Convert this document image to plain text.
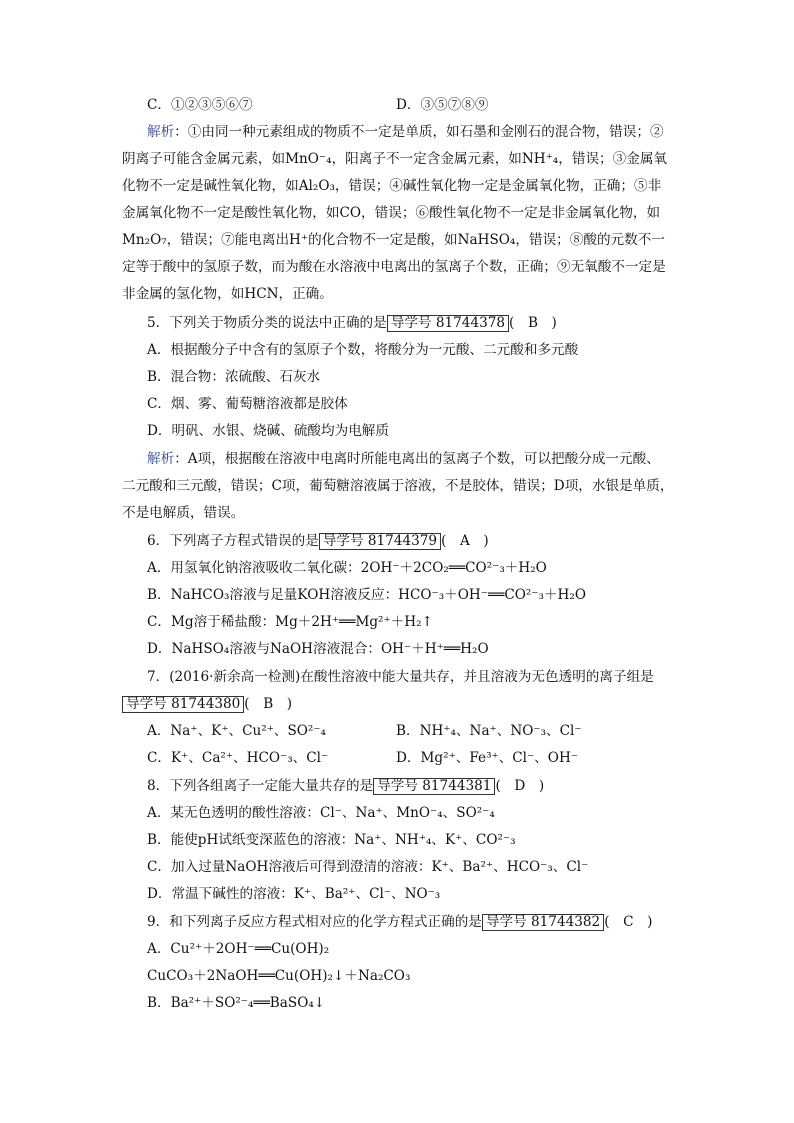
C．①②③⑤⑥⑦	D．③⑤⑦⑧⑨
解析：①由同一种元素组成的物质不一定是单质，如石墨和金刚石的混合物，错误；②
阴离子可能含金属元素，如MnO⁻₄，阳离子不一定含金属元素，如NH⁺₄，错误；③金属氧
化物不一定是碱性氧化物，如Al₂O₃，错误；④碱性氧化物一定是金属氧化物，正确；⑤非
金属氧化物不一定是酸性氧化物，如CO，错误；⑥酸性氧化物不一定是非金属氧化物，如
Mn₂O₇，错误；⑦能电离出H⁺的化合物不一定是酸，如NaHSO₄，错误；⑧酸的元数不一
定等于酸中的氢原子数，而为酸在水溶液中电离出的氢离子个数，正确；⑨无氧酸不一定是
非金属的氢化物，如HCN，正确。
5．下列关于物质分类的说法中正确的是 导学号 81744378 (　B　)
A．根据酸分子中含有的氢原子个数，将酸分为一元酸、二元酸和多元酸
B．混合物：浓硫酸、石灰水
C．烟、雾、葡萄糖溶液都是胶体
D．明矾、水银、烧碱、硫酸均为电解质
解析：A项，根据酸在溶液中电离时所能电离出的氢离子个数，可以把酸分成一元酸、
二元酸和三元酸，错误；C项，葡萄糖溶液属于溶液，不是胶体，错误；D项，水银是单质，
不是电解质，错误。
6．下列离子方程式错误的是 导学号 81744379 (　A　)
A．用氢氧化钠溶液吸收二氧化碳：2OH⁻＋2CO₂══CO²⁻₃＋H₂O
B．NaHCO₃溶液与足量KOH溶液反应：HCO⁻₃＋OH⁻══CO²⁻₃＋H₂O
C．Mg溶于稀盐酸：Mg＋2H⁺══Mg²⁺＋H₂↑
D．NaHSO₄溶液与NaOH溶液混合：OH⁻＋H⁺══H₂O
7．(2016·新余高一检测)在酸性溶液中能大量共存，并且溶液为无色透明的离子组是
导学号 81744380 (　B　)
A．Na⁺、K⁺、Cu²⁺、SO²⁻₄	B．NH⁺₄、Na⁺、NO⁻₃、Cl⁻
C．K⁺、Ca²⁺、HCO⁻₃、Cl⁻	D．Mg²⁺、Fe³⁺、Cl⁻、OH⁻
8．下列各组离子一定能大量共存的是 导学号 81744381 (　D　)
A．某无色透明的酸性溶液：Cl⁻、Na⁺、MnO⁻₄、SO²⁻₄
B．能使pH试纸变深蓝色的溶液：Na⁺、NH⁺₄、K⁺、CO²⁻₃
C．加入过量NaOH溶液后可得到澄清的溶液：K⁺、Ba²⁺、HCO⁻₃、Cl⁻
D．常温下碱性的溶液：K⁺、Ba²⁺、Cl⁻、NO⁻₃
9．和下列离子反应方程式相对应的化学方程式正确的是 导学号 81744382 (　C　)
A．Cu²⁺＋2OH⁻══Cu(OH)₂
CuCO₃＋2NaOH══Cu(OH)₂↓＋Na₂CO₃
B．Ba²⁺＋SO²⁻₄══BaSO₄↓
